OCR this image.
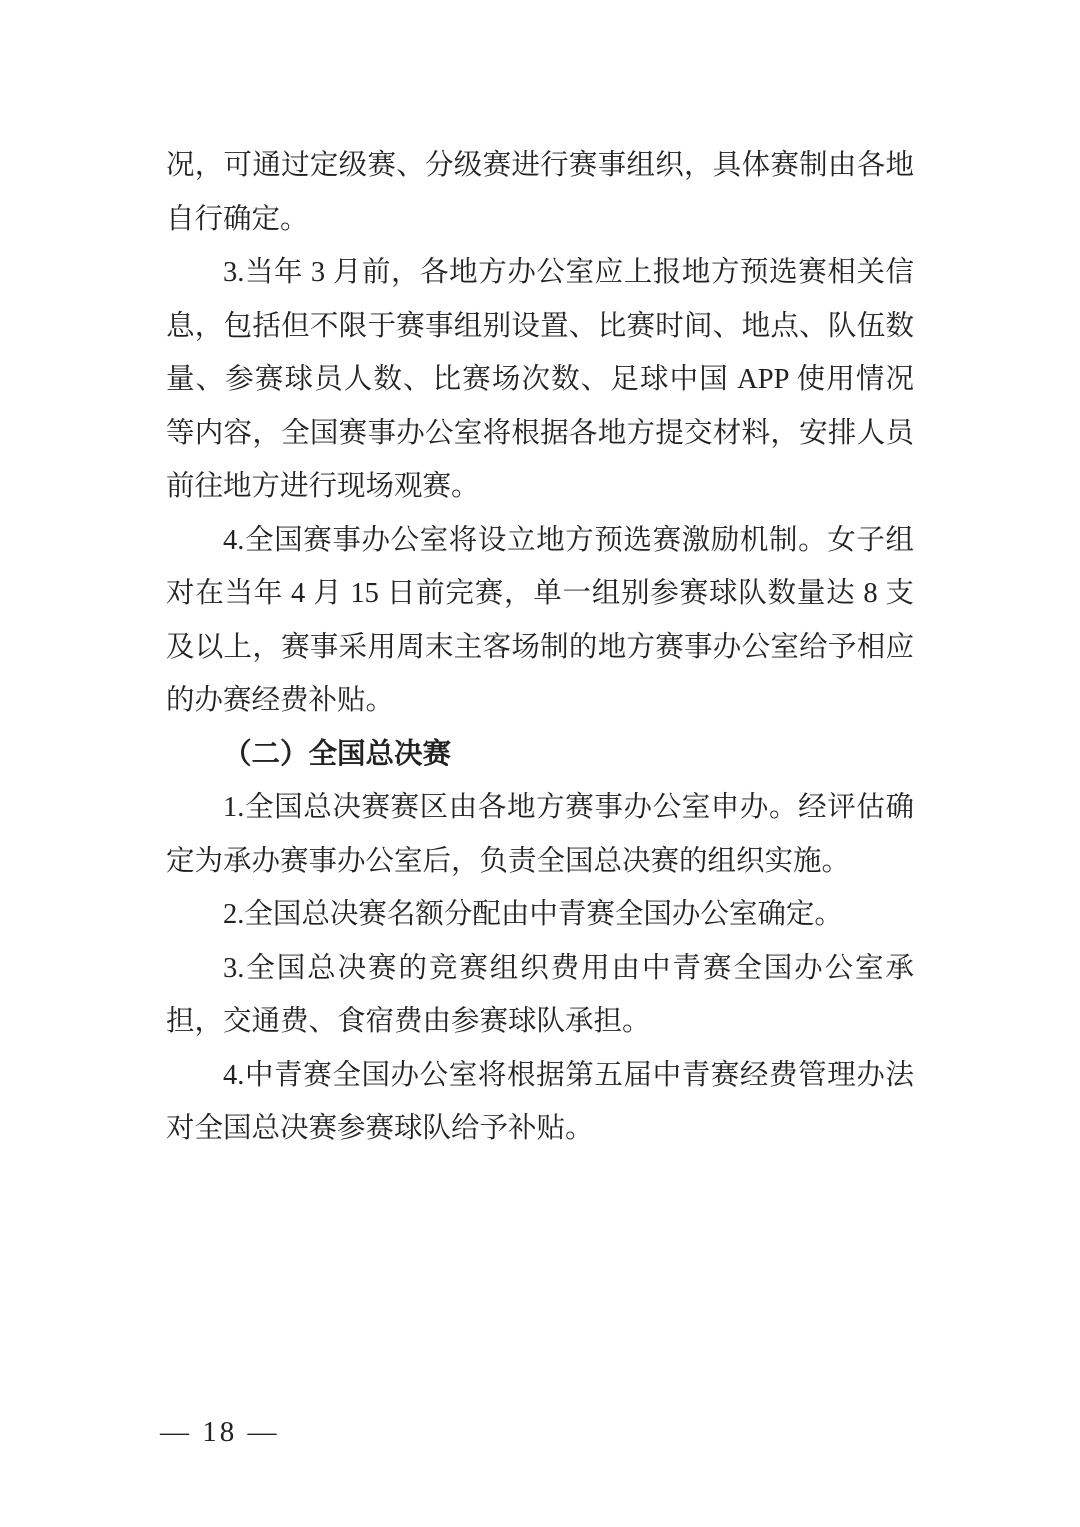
况，可通过定级赛、分级赛进行赛事组织，具体赛制由各地自行确定。

3.当年 3 月前，各地方办公室应上报地方预选赛相关信息，包括但不限于赛事组别设置、比赛时间、地点、队伍数量、参赛球员人数、比赛场次数、足球中国 APP 使用情况等内容，全国赛事办公室将根据各地方提交材料，安排人员前往地方进行现场观赛。

4.全国赛事办公室将设立地方预选赛激励机制。女子组对在当年 4 月 15 日前完赛，单一组别参赛球队数量达 8 支及以上，赛事采用周末主客场制的地方赛事办公室给予相应的办赛经费补贴。

（二）全国总决赛

1.全国总决赛赛区由各地方赛事办公室申办。经评估确定为承办赛事办公室后，负责全国总决赛的组织实施。

2.全国总决赛名额分配由中青赛全国办公室确定。

3.全国总决赛的竞赛组织费用由中青赛全国办公室承担，交通费、食宿费由参赛球队承担。

4.中青赛全国办公室将根据第五届中青赛经费管理办法对全国总决赛参赛球队给予补贴。

— 18 —
